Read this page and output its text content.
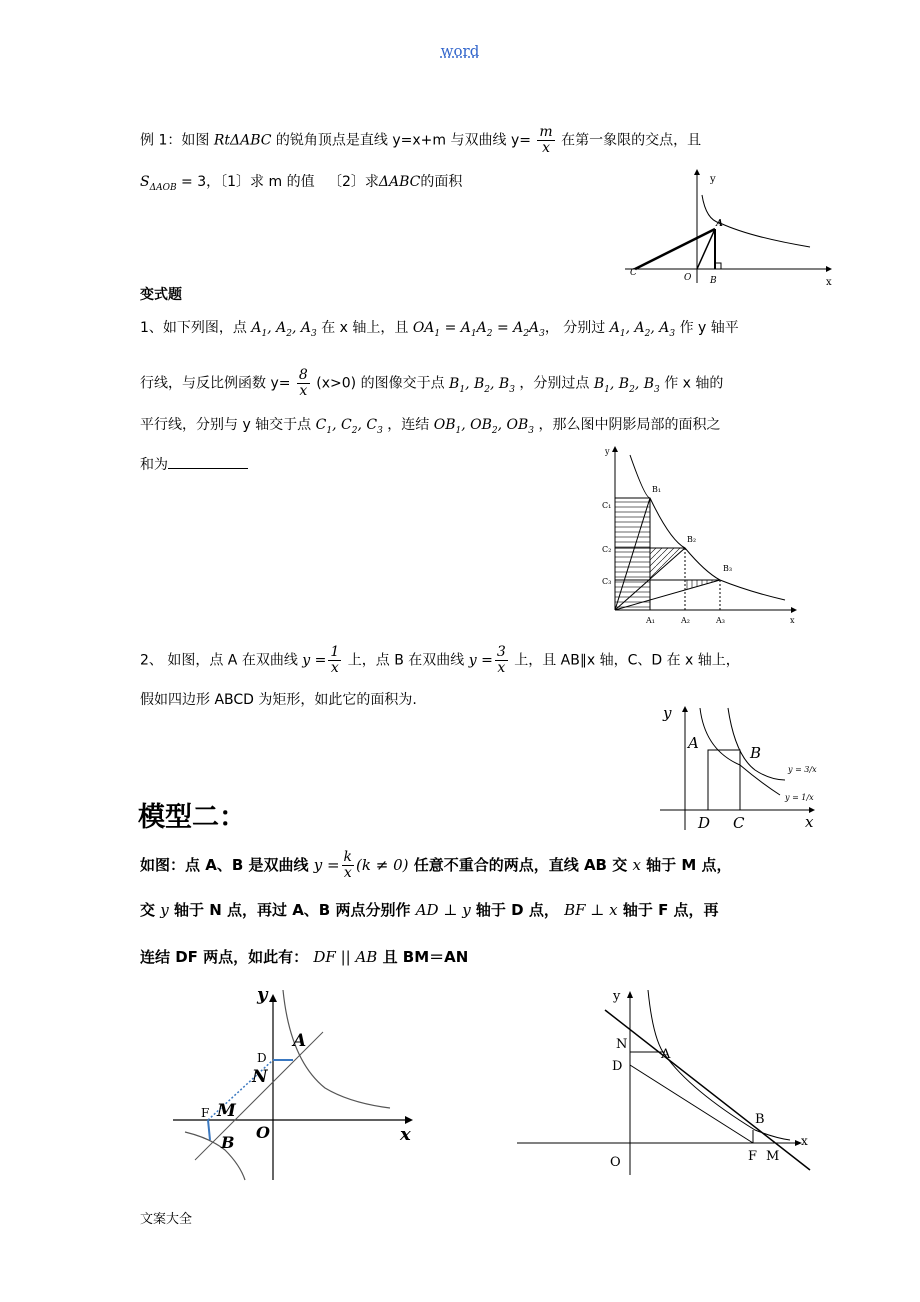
word
例 1：如图 RtΔABC 的锐角顶点是直线 y=x+m 与双曲线 $y= \frac{m}{x}$ 在第一象限的交点，且
$S_{\Delta AOB} = 3$，〔1〕求 m 的值 〔2〕求ΔABC的面积	y
x
A
B
C	O
变式题
1、如下列图，点 $A_1$, $A_2$, $A_3$ 在 x 轴上，且 $OA_1 = A_1A_2 = A_2A_3$， 分别过 $A_1$, $A_2$, $A_3$ 作 y 轴平
行线，与反比例函数 $y= \frac{8}{x} (x>0)$ 的图像交于点 $B_1$, $B_2$, $B_3$ ，分别过点 $B_1$, $B_2$, $B_3$ 作 x 轴的
平行线，分别与 y 轴交于点 $C_1$, $C_2$, $C_3$ ，连结 $OB_1$, $OB_2$, $OB_3$ ，那么图中阴影局部的面积之
和为
y
x
B₁
B₂
B₃
C₁
C₂
C₃
A₁	A₂	A₃
2、 如图，点 A 在双曲线 $y = \frac{1}{x}$ 上，点 B 在双曲线 $y = \frac{3}{x}$ 上，且 AB∥x 轴，C、D 在 x 轴上，
假如四边形 ABCD 为矩形，如此它的面积为.
y
x
A
B
C
D
y = 3/x
y = 1/x
模型二：
如图：点 A、B 是双曲线 $y = \frac{k}{x} (k \ne 0)$ 任意不重合的两点，直线 AB 交 x 轴于 M 点，
交 y 轴于 N 点，再过 A、B 两点分别作 AD ⊥ y 轴于 D 点， BF ⊥ x 轴于 F 点，再
连结 DF 两点，如此有： DF || AB 且 BM＝AN
y
x
A
B
D
N
F M
O
y
x
N
A
D
B
F M
O
文案大全
